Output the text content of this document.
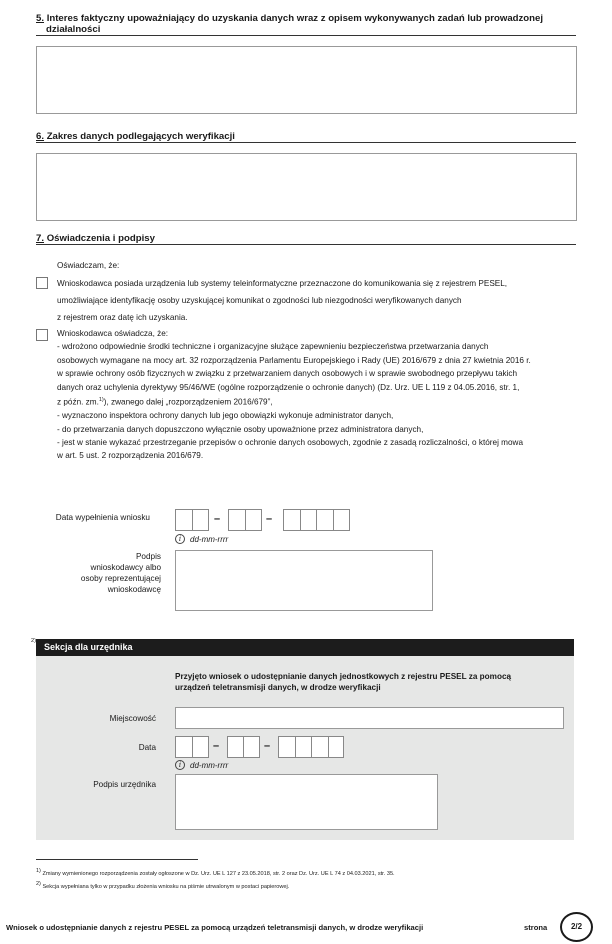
5. Interes faktyczny upoważniający do uzyskania danych wraz z opisem wykonywanych zadań lub prowadzonej
działalności
6. Zakres danych podlegających weryfikacji
7. Oświadczenia i podpisy
Oświadczam, że:
Wnioskodawca posiada urządzenia lub systemy teleinformatyczne przeznaczone do komunikowania się z rejestrem PESEL,
umożliwiające identyfikację osoby uzyskującej komunikat o zgodności lub niezgodności weryfikowanych danych
z rejestrem oraz datę ich uzyskania.
Wnioskodawca oświadcza, że:
- wdrożono odpowiednie środki techniczne i organizacyjne służące zapewnieniu bezpieczeństwa przetwarzania danych
osobowych wymagane na mocy art. 32 rozporządzenia Parlamentu Europejskiego i Rady (UE) 2016/679 z dnia 27 kwietnia 2016 r.
w sprawie ochrony osób fizycznych w związku z przetwarzaniem danych osobowych i w sprawie swobodnego przepływu takich
danych oraz uchylenia dyrektywy 95/46/WE (ogólne rozporządzenie o ochronie danych) (Dz. Urz. UE L 119 z 04.05.2016, str. 1,
z późn. zm.$^{1)}$), zwanego dalej „rozporządzeniem 2016/679”,
- wyznaczono inspektora ochrony danych lub jego obowiązki wykonuje administrator danych,
- do przetwarzania danych dopuszczono wyłącznie osoby upoważnione przez administratora danych,
- jest w stanie wykazać przestrzeganie przepisów o ochronie danych osobowych, zgodnie z zasadą rozliczalności, o której mowa
w art. 5 ust. 2 rozporządzenia 2016/679.
Data wypełnienia wniosku	–	–
i	dd-mm-rrrr
Podpis
wnioskodawcy albo
osoby reprezentującej
wnioskodawcę
2)
Sekcja dla urzędnika
Przyjęto wniosek o udostępnianie danych jednostkowych z rejestru PESEL za pomocą
urządzeń teletransmisji danych, w drodze weryfikacji
Miejscowość
Data	–	–
i	dd-mm-rrrr
Podpis urzędnika
$^{1)}$ Zmiany wymienionego rozporządzenia zostały ogłoszone w Dz. Urz. UE L 127 z 23.05.2018, str. 2 oraz Dz. Urz. UE L 74 z 04.03.2021, str. 35.
$^{2)}$ Sekcja wypełniana tylko w przypadku złożenia wniosku na piśmie utrwalonym w postaci papierowej.
Wniosek o udostępnianie danych z rejestru PESEL za pomocą urządzeń teletransmisji danych, w drodze weryfikacji	strona	2/2
